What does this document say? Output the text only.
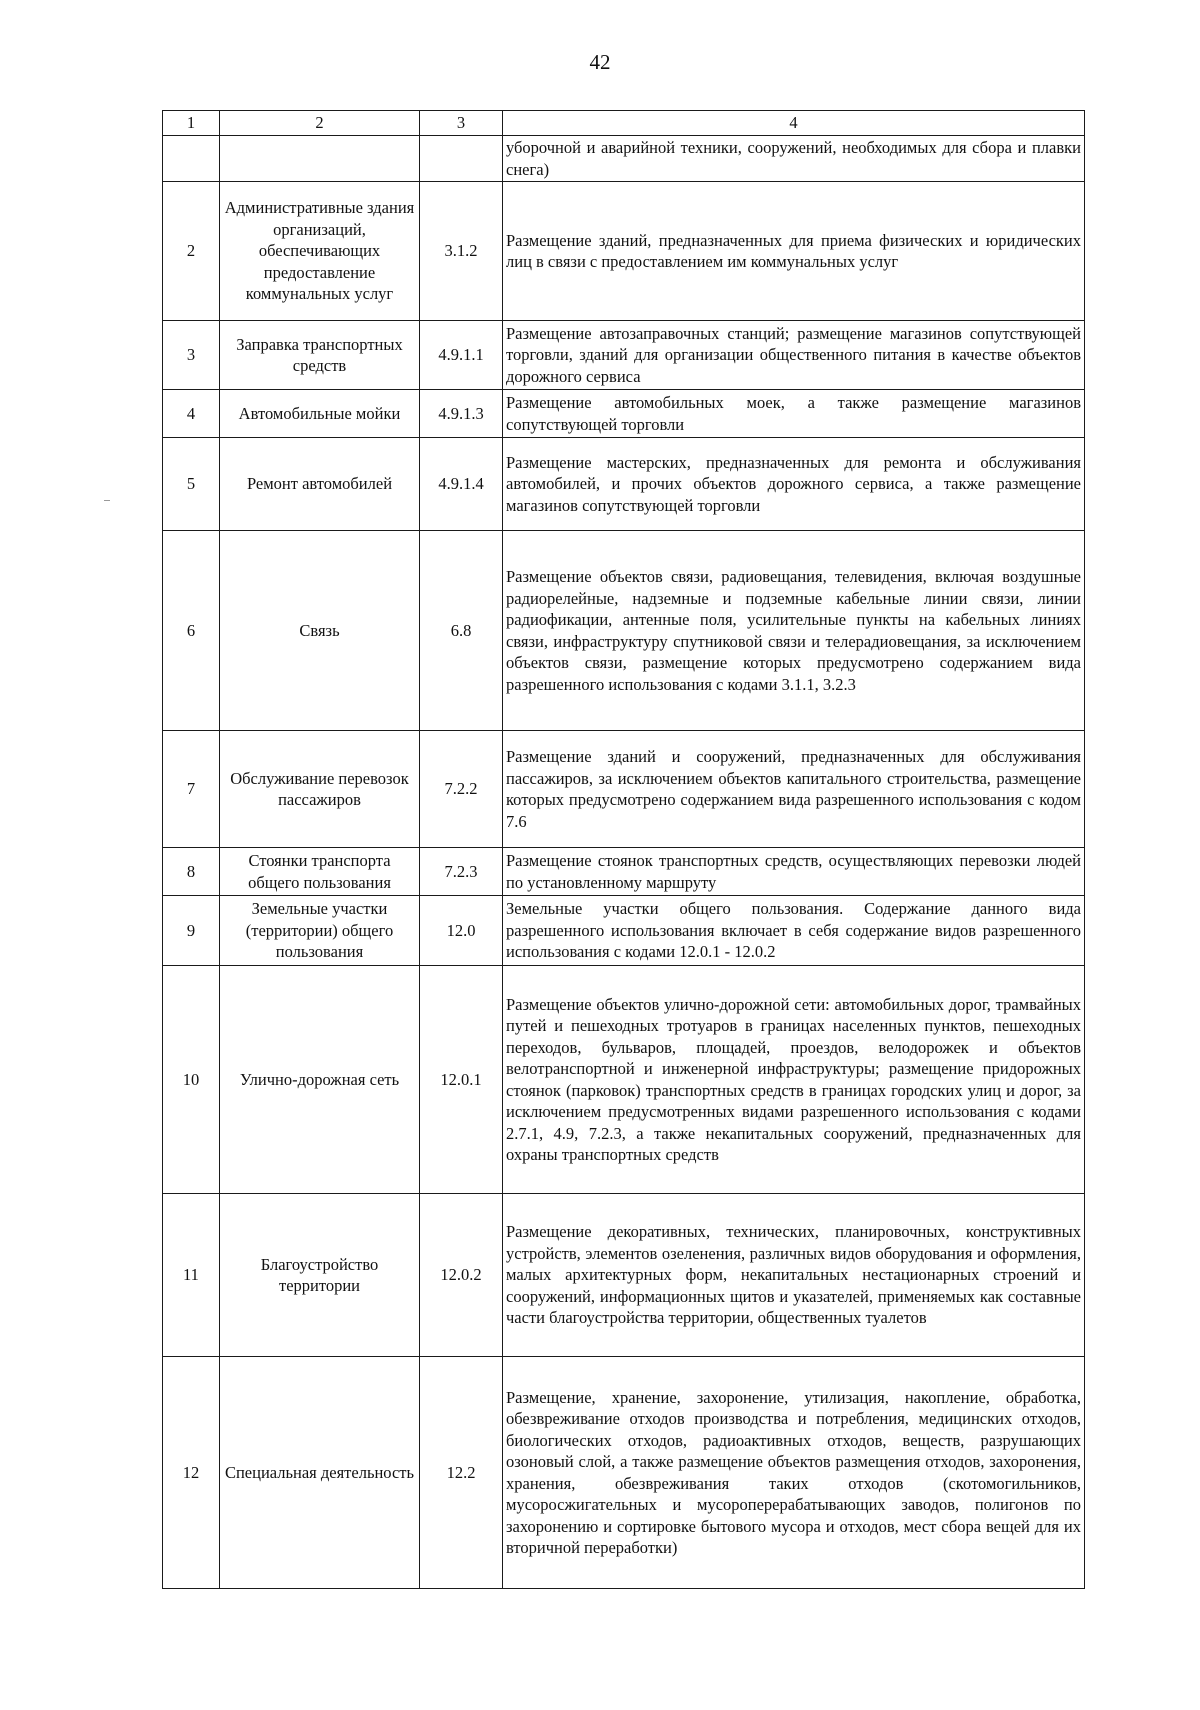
42
1	2	3	4
			уборочной и аварийной техники, сооружений, необходимых для сбора и плавки снега)
2	Административные здания организаций, обеспечивающих предоставление коммунальных услуг	3.1.2	Размещение зданий, предназначенных для приема физических и юридических лиц в связи с предоставлением им коммунальных услуг
3	Заправка транспортных средств	4.9.1.1	Размещение автозаправочных станций; размещение магазинов сопутствующей торговли, зданий для организации общественного питания в качестве объектов дорожного сервиса
4	Автомобильные мойки	4.9.1.3	Размещение автомобильных моек, а также размещение магазинов сопутствующей торговли
5	Ремонт автомобилей	4.9.1.4	Размещение мастерских, предназначенных для ремонта и обслуживания автомобилей, и прочих объектов дорожного сервиса, а также размещение магазинов сопутствующей торговли
6	Связь	6.8	Размещение объектов связи, радиовещания, телевидения, включая воздушные радиорелейные, надземные и подземные кабельные линии связи, линии радиофикации, антенные поля, усилительные пункты на кабельных линиях связи, инфраструктуру спутниковой связи и телерадиовещания, за исключением объектов связи, размещение которых предусмотрено содержанием вида разрешенного использования с кодами 3.1.1, 3.2.3
7	Обслуживание перевозок пассажиров	7.2.2	Размещение зданий и сооружений, предназначенных для обслуживания пассажиров, за исключением объектов капитального строительства, размещение которых предусмотрено содержанием вида разрешенного использования с кодом 7.6
8	Стоянки транспорта общего пользования	7.2.3	Размещение стоянок транспортных средств, осуществляющих перевозки людей по установленному маршруту
9	Земельные участки (территории) общего пользования	12.0	Земельные участки общего пользования. Содержание данного вида разрешенного использования включает в себя содержание видов разрешенного использования с кодами 12.0.1 - 12.0.2
10	Улично-дорожная сеть	12.0.1	Размещение объектов улично-дорожной сети: автомобильных дорог, трамвайных путей и пешеходных тротуаров в границах населенных пунктов, пешеходных переходов, бульваров, площадей, проездов, велодорожек и объектов велотранспортной и инженерной инфраструктуры; размещение придорожных стоянок (парковок) транспортных средств в границах городских улиц и дорог, за исключением предусмотренных видами разрешенного использования с кодами 2.7.1, 4.9, 7.2.3, а также некапитальных сооружений, предназначенных для охраны транспортных средств
11	Благоустройство территории	12.0.2	Размещение декоративных, технических, планировочных, конструктивных устройств, элементов озеленения, различных видов оборудования и оформления, малых архитектурных форм, некапитальных нестационарных строений и сооружений, информационных щитов и указателей, применяемых как составные части благоустройства территории, общественных туалетов
12	Специальная деятельность	12.2	Размещение, хранение, захоронение, утилизация, накопление, обработка, обезвреживание отходов производства и потребления, медицинских отходов, биологических отходов, радиоактивных отходов, веществ, разрушающих озоновый слой, а также размещение объектов размещения отходов, захоронения, хранения, обезвреживания таких отходов (скотомогильников, мусоросжигательных и мусороперерабатывающих заводов, полигонов по захоронению и сортировке бытового мусора и отходов, мест сбора вещей для их вторичной переработки)
